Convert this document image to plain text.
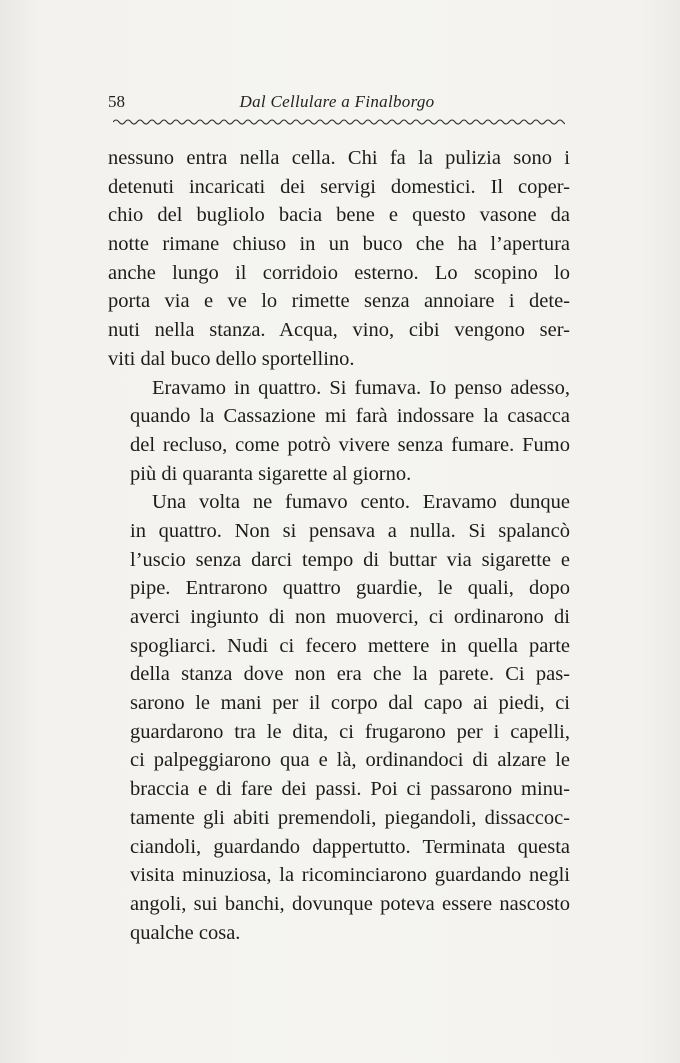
58	Dal Cellulare a Finalborgo

nessuno entra nella cella. Chi fa la pulizia sono i
detenuti incaricati dei servigi domestici. Il coper-
chio del bugliolo bacia bene e questo vasone da
notte rimane chiuso in un buco che ha l’apertura
anche lungo il corridoio esterno. Lo scopino lo
porta via e ve lo rimette senza annoiare i dete-
nuti nella stanza. Acqua, vino, cibi vengono ser-
viti dal buco dello sportellino.

Eravamo in quattro. Si fumava. Io penso adesso,
quando la Cassazione mi farà indossare la casacca
del recluso, come potrò vivere senza fumare. Fumo
più di quaranta sigarette al giorno.

Una volta ne fumavo cento. Eravamo dunque
in quattro. Non si pensava a nulla. Si spalancò
l’uscio senza darci tempo di buttar via sigarette e
pipe. Entrarono quattro guardie, le quali, dopo
averci ingiunto di non muoverci, ci ordinarono di
spogliarci. Nudi ci fecero mettere in quella parte
della stanza dove non era che la parete. Ci pas-
sarono le mani per il corpo dal capo ai piedi, ci
guardarono tra le dita, ci frugarono per i capelli,
ci palpeggiarono qua e là, ordinandoci di alzare le
braccia e di fare dei passi. Poi ci passarono minu-
tamente gli abiti premendoli, piegandoli, dissaccoc-
ciandoli, guardando dappertutto. Terminata questa
visita minuziosa, la ricominciarono guardando negli
angoli, sui banchi, dovunque poteva essere nascosto
qualche cosa.
